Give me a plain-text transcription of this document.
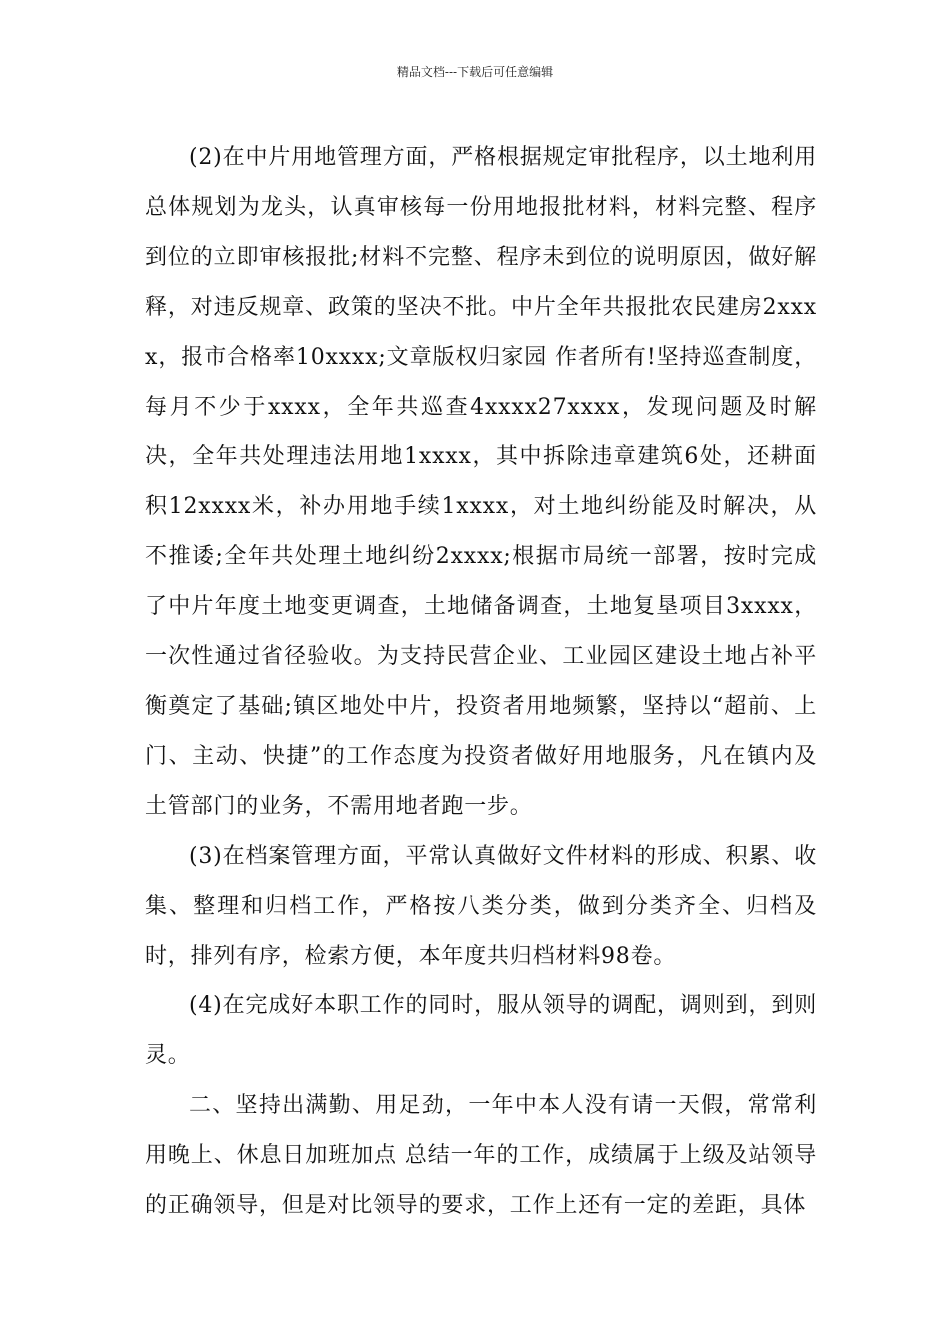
精品文档---下载后可任意编辑

(2)在中片用地管理方面，严格根据规定审批程序，以土地利用总体规划为龙头，认真审核每一份用地报批材料，材料完整、程序到位的立即审核报批;材料不完整、程序未到位的说明原因，做好解释，对违反规章、政策的坚决不批。中片全年共报批农民建房2xxxx，报市合格率10xxxx;文章版权归家园 作者所有!坚持巡查制度，每月不少于xxxx，全年共巡查4xxxx27xxxx，发现问题及时解决，全年共处理违法用地1xxxx，其中拆除违章建筑6处，还耕面积12xxxx米，补办用地手续1xxxx，对土地纠纷能及时解决，从不推诿;全年共处理土地纠纷2xxxx;根据市局统一部署，按时完成了中片年度土地变更调查，土地储备调查，土地复垦项目3xxxx，一次性通过省径验收。为支持民营企业、工业园区建设土地占补平衡奠定了基础;镇区地处中片，投资者用地频繁，坚持以“超前、上门、主动、快捷”的工作态度为投资者做好用地服务，凡在镇内及土管部门的业务，不需用地者跑一步。

(3)在档案管理方面，平常认真做好文件材料的形成、积累、收集、整理和归档工作，严格按八类分类，做到分类齐全、归档及时，排列有序，检索方便，本年度共归档材料98卷。

(4)在完成好本职工作的同时，服从领导的调配，调则到，到则灵。

二、坚持出满勤、用足劲，一年中本人没有请一天假，常常利用晚上、休息日加班加点 总结一年的工作，成绩属于上级及站领导的正确领导，但是对比领导的要求，工作上还有一定的差距，具体
